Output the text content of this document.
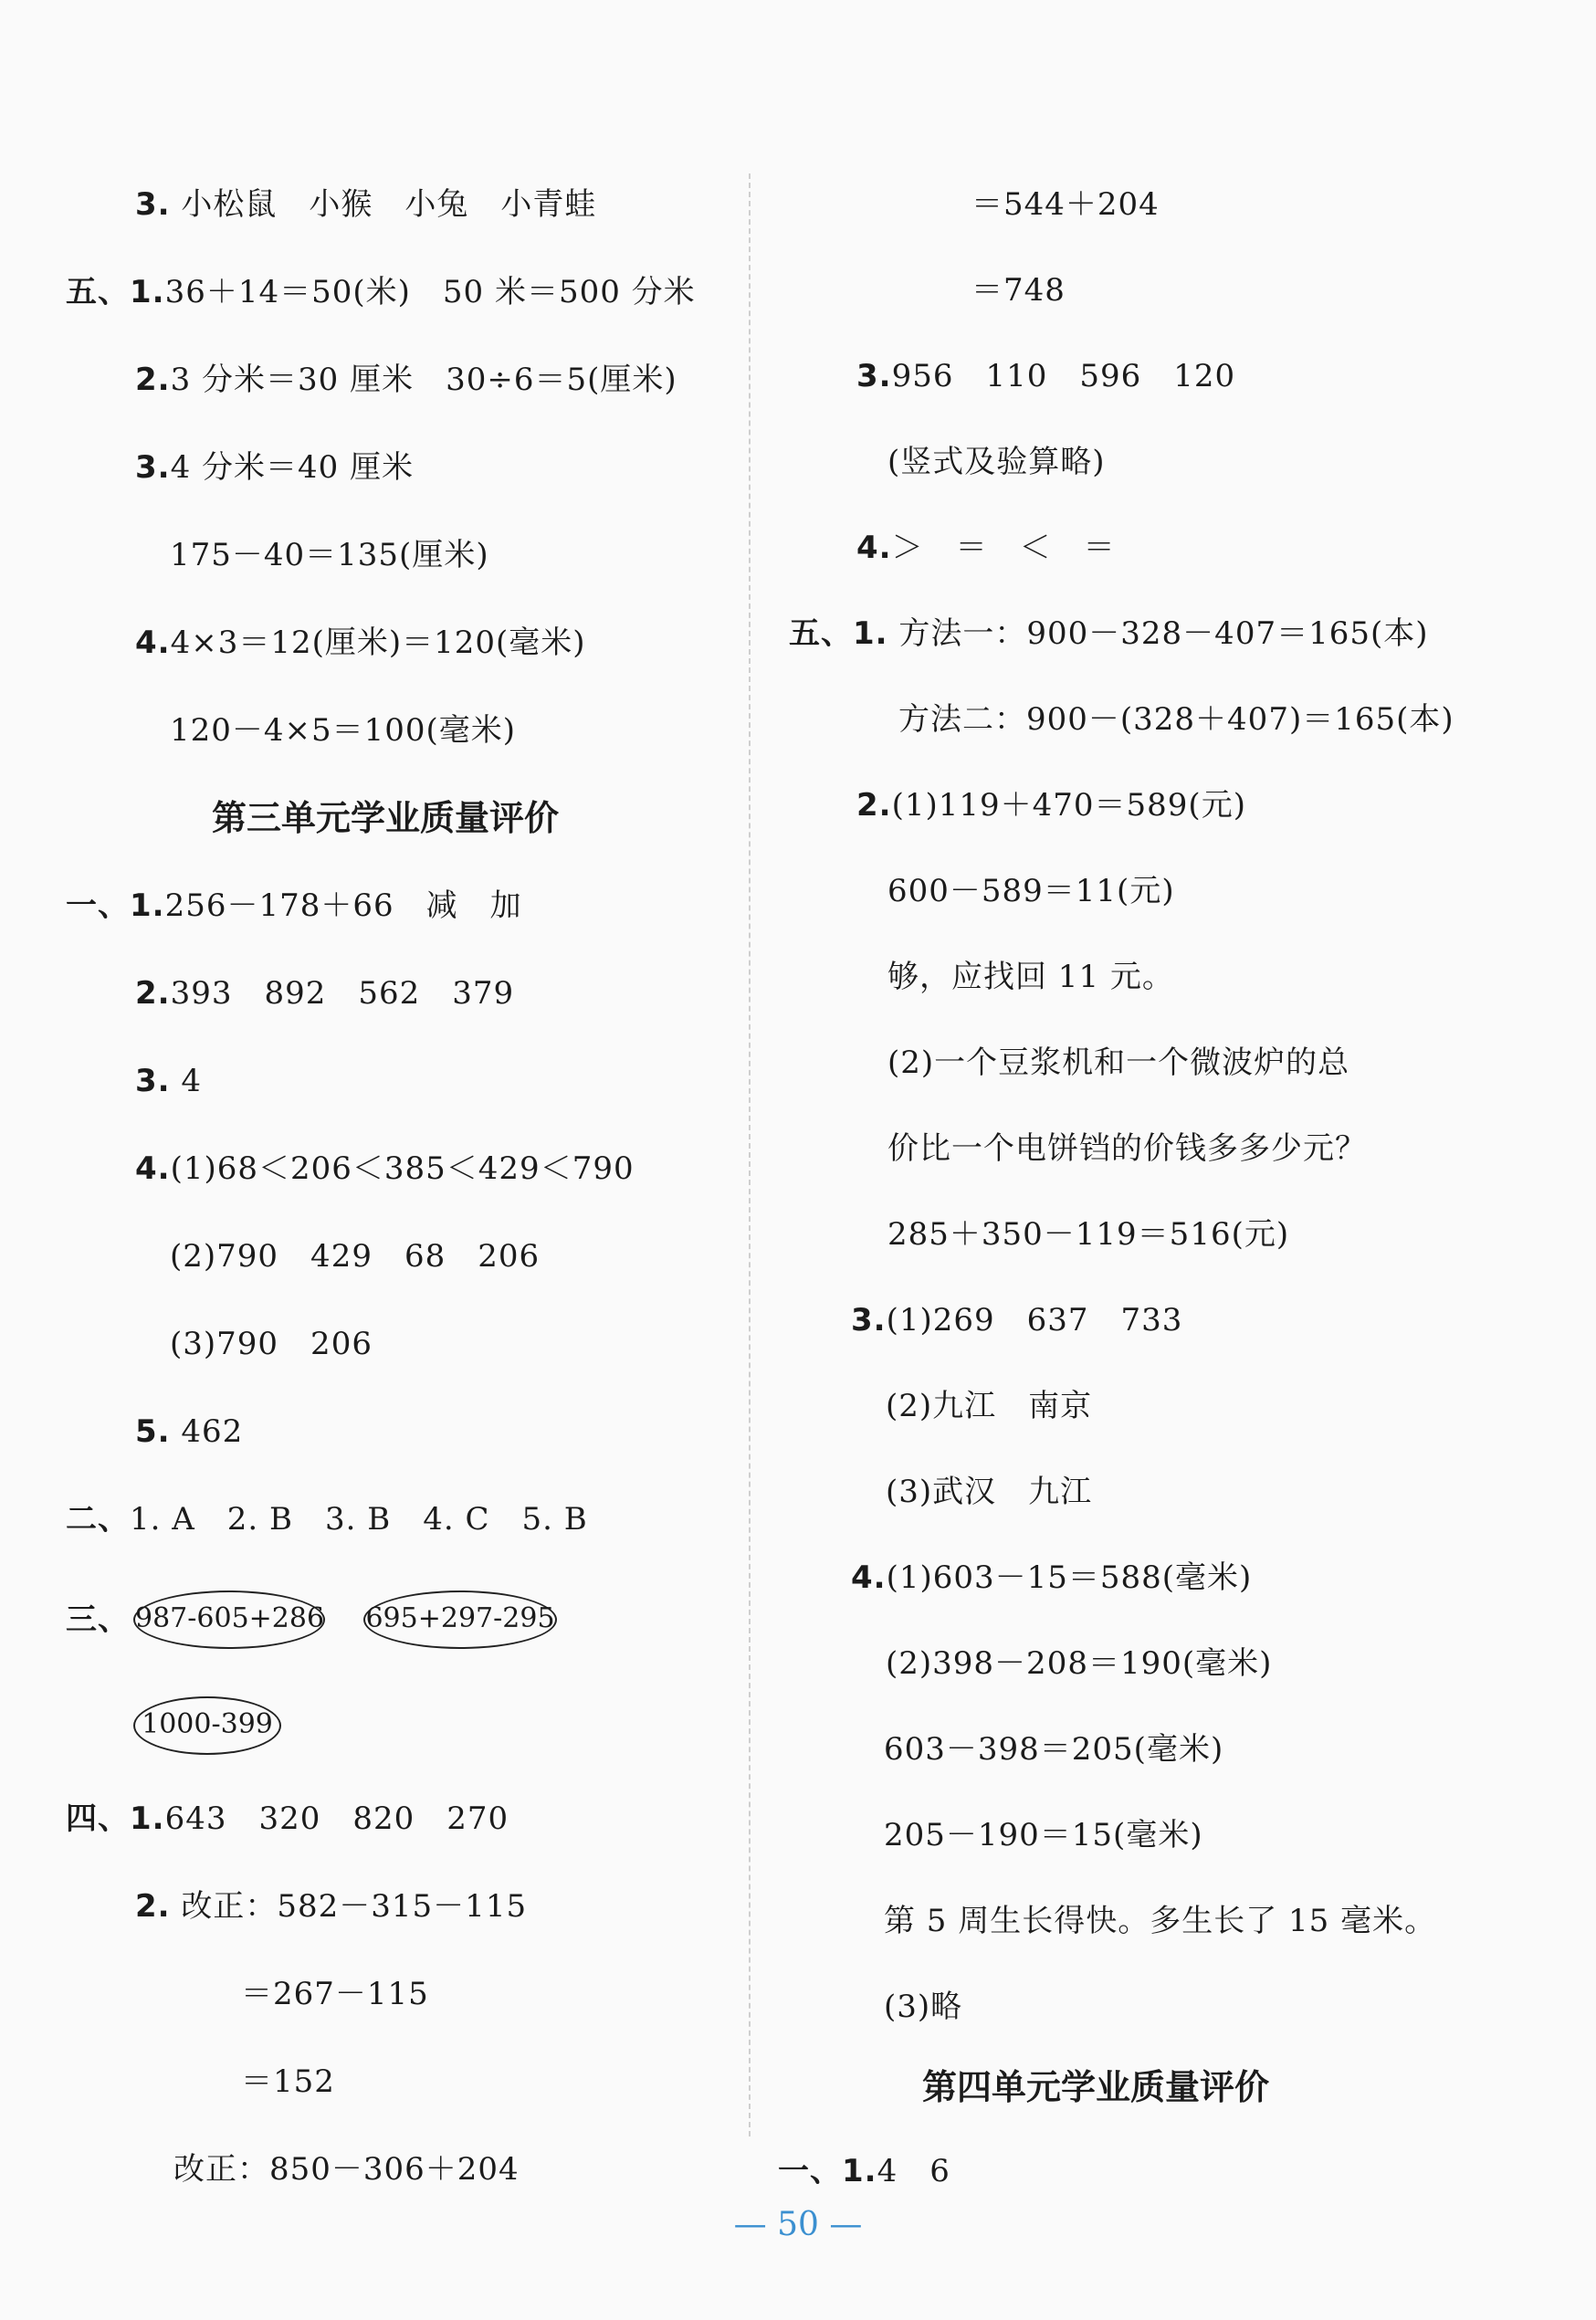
3. 小松鼠　小猴　小兔　小青蛙
五、1.36＋14＝50(米)　50 米＝500 分米
2.3 分米＝30 厘米　30÷6＝5(厘米)
3.4 分米＝40 厘米
175－40＝135(厘米)
4.4×3＝12(厘米)＝120(毫米)
120－4×5＝100(毫米)
第三单元学业质量评价
一、1.256－178＋66　减　加
2.393　892　562　379
3. 4
4.(1)68＜206＜385＜429＜790
(2)790　429　68　206
(3)790　206
5. 462
二、1. A　2. B　3. B　4. C　5. B
三、 987-605+286 695+297-295
1000-399
四、1.643　320　820　270
2. 改正：582－315－115
＝267－115
＝152
改正：850－306＋204
＝544＋204
＝748
3.956　110　596　120
(竖式及验算略)
4.＞　＝　＜　＝
五、1. 方法一：900－328－407＝165(本)
方法二：900－(328＋407)＝165(本)
2.(1)119＋470＝589(元)
600－589＝11(元)
够，应找回 11 元。
(2)一个豆浆机和一个微波炉的总
价比一个电饼铛的价钱多多少元？
285＋350－119＝516(元)
3.(1)269　637　733
(2)九江　南京
(3)武汉　九江
4.(1)603－15＝588(毫米)
(2)398－208＝190(毫米)
603－398＝205(毫米)
205－190＝15(毫米)
第 5 周生长得快。多生长了 15 毫米。
(3)略
第四单元学业质量评价
一、1.4　6
— 50 —
